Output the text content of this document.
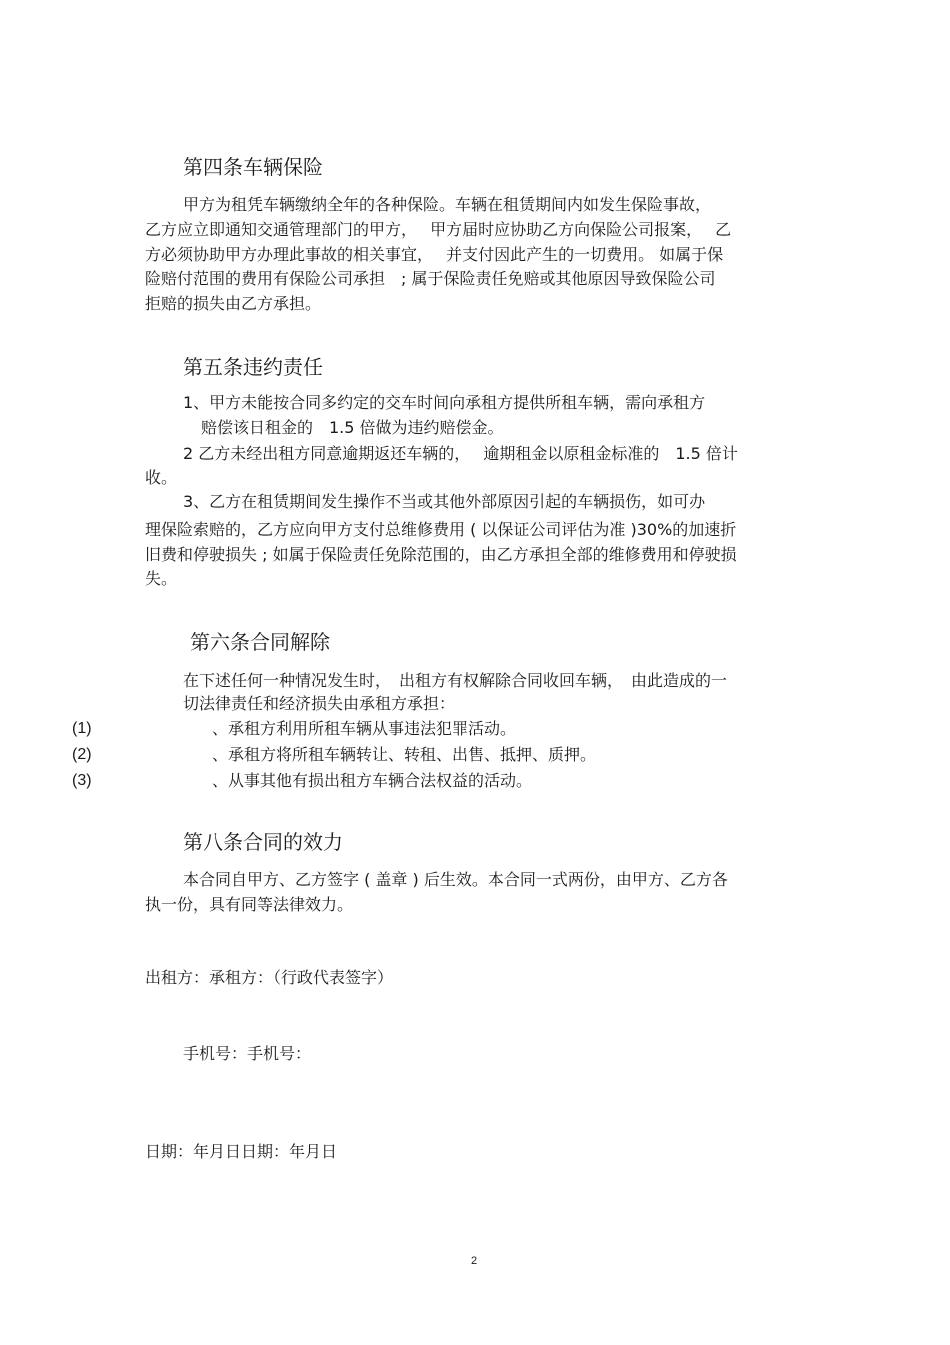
第四条车辆保险
甲方为租凭车辆缴纳全年的各种保险。车辆在租赁期间内如发生保险事故，
乙方应立即通知交通管理部门的甲方，　 甲方届时应协助乙方向保险公司报案，　 乙
方必须协助甲方办理此事故的相关事宜，　 并支付因此产生的一切费用。 如属于保
险赔付范围的费用有保险公司承担　; 属于保险责任免赔或其他原因导致保险公司
拒赔的损失由乙方承担。
第五条违约责任
1、甲方未能按合同多约定的交车时间向承租方提供所租车辆，需向承租方
赔偿该日租金的　1.5 倍做为违约赔偿金。
2 乙方未经出租方同意逾期返还车辆的，　 逾期租金以原租金标准的　1.5 倍计
收。
3、乙方在租赁期间发生操作不当或其他外部原因引起的车辆损伤，如可办
理保险索赔的，乙方应向甲方支付总维修费用 ( 以保证公司评估为准 )30%的加速折
旧费和停驶损失 ; 如属于保险责任免除范围的，由乙方承担全部的维修费用和停驶损
失。
第六条合同解除
在下述任何一种情况发生时，　出租方有权解除合同收回车辆，　由此造成的一
切法律责任和经济损失由承租方承担：
(1)	、承租方利用所租车辆从事违法犯罪活动。
(2)	、承租方将所租车辆转让、转租、出售、抵押、质押。
(3)	、从事其他有损出租方车辆合法权益的活动。
第八条合同的效力
本合同自甲方、乙方签字 ( 盖章 ) 后生效。本合同一式两份，由甲方、乙方各
执一份，具有同等法律效力。
出租方：承租方：（行政代表签字）
手机号：手机号：
日期：年月日日期：年月日
2
